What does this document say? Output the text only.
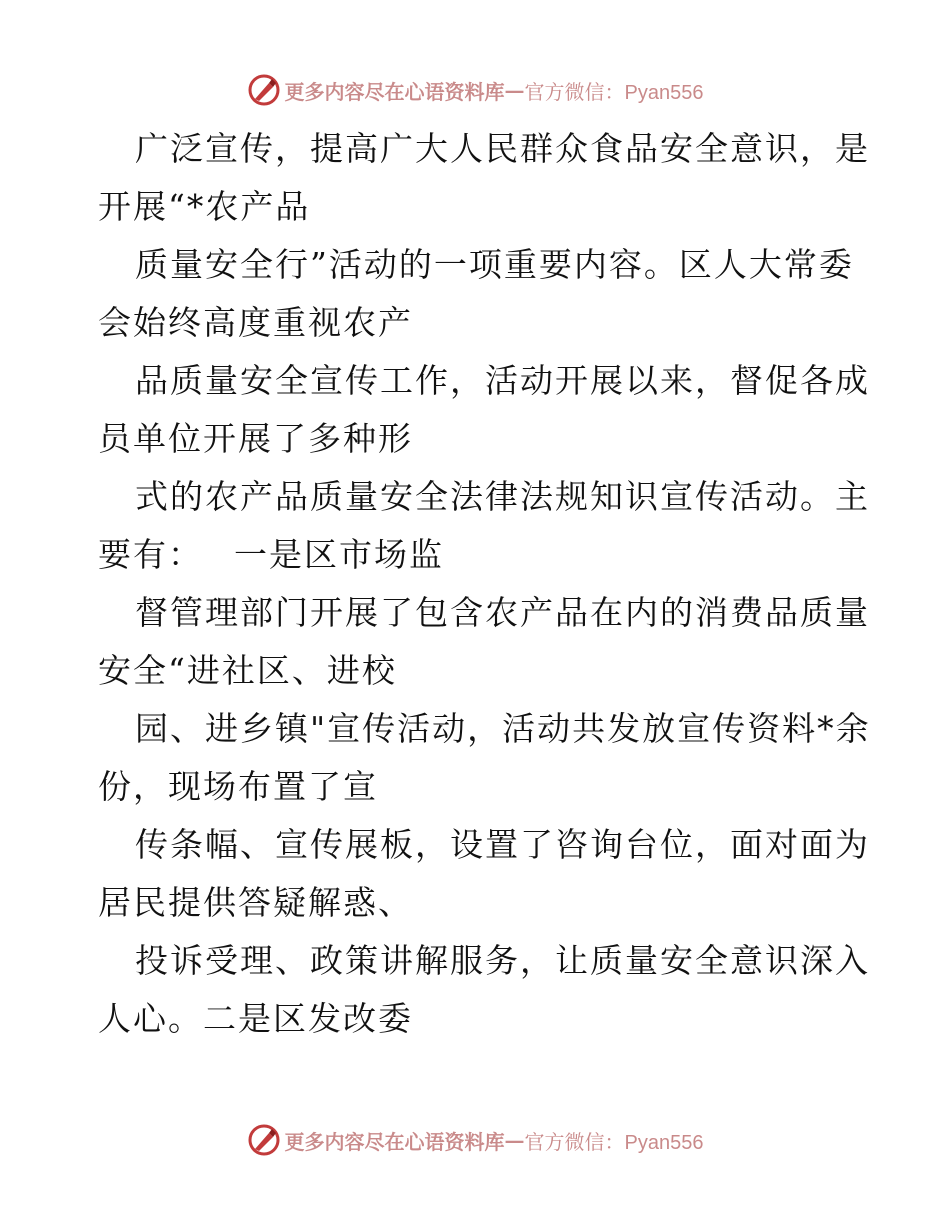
更多内容尽在心语资料库 — 官方微信：Pyan556
广泛宣传，提高广大人民群众食品安全意识，是
开展“*农产品
质量安全行”活动的一项重要内容。区人大常委
会始终高度重视农产
品质量安全宣传工作，活动开展以来，督促各成
员单位开展了多种形
式的农产品质量安全法律法规知识宣传活动。主
要有：　 一是区市场监
督管理部门开展了包含农产品在内的消费品质量
安全“进社区、进校
园、进乡镇"宣传活动，活动共发放宣传资料*余
份，现场布置了宣
传条幅、宣传展板，设置了咨询台位，面对面为
居民提供答疑解惑、
投诉受理、政策讲解服务，让质量安全意识深入
人心。二是区发改委
更多内容尽在心语资料库 — 官方微信：Pyan556
